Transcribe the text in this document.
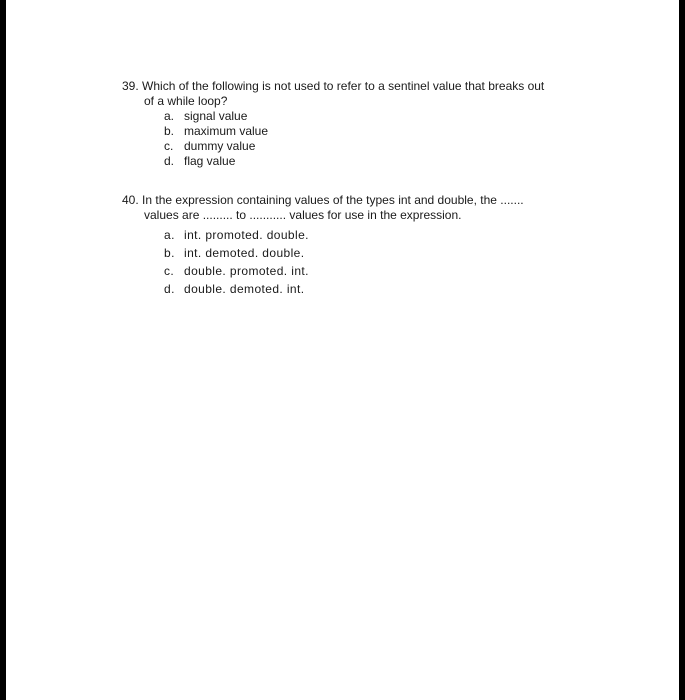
39. Which of the following is not used to refer to a sentinel value that breaks out
of a while loop?
a. signal value
b. maximum value
c. dummy value
d. flag value
40. In the expression containing values of the types int and double, the .......
values are ......... to ........... values for use in the expression.
a. int. promoted. double.
b. int. demoted. double.
c. double. promoted. int.
d. double. demoted. int.
